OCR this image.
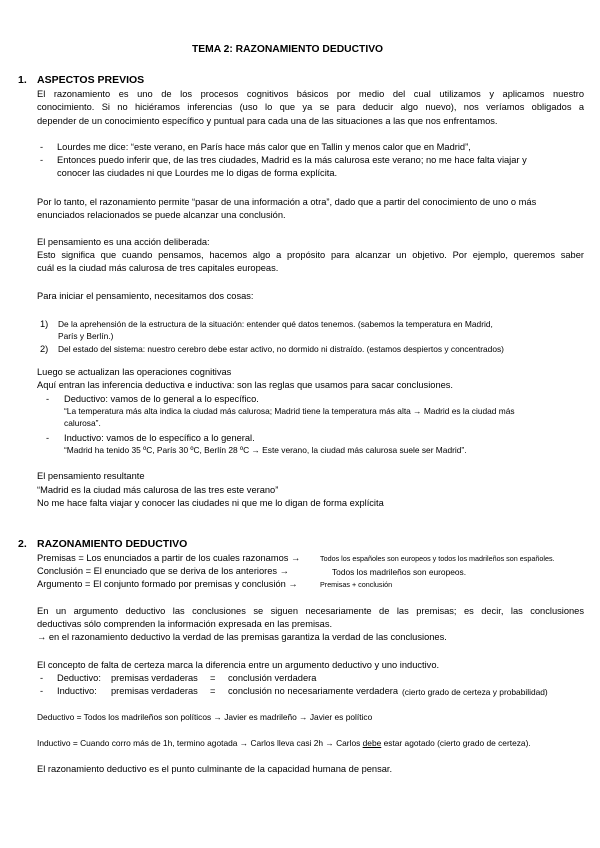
TEMA 2: RAZONAMIENTO DEDUCTIVO
1. ASPECTOS PREVIOS
El razonamiento es uno de los procesos cognitivos básicos por medio del cual utilizamos y aplicamos nuestro
conocimiento. Si no hiciéramos inferencias (uso lo que ya se para deducir algo nuevo), nos veríamos obligados a
depender de un conocimiento específico y puntual para cada una de las situaciones a las que nos enfrentamos.
- Lourdes me dice: “este verano, en París hace más calor que en Tallin y menos calor que en Madrid”,
- Entonces puedo inferir que, de las tres ciudades, Madrid es la más calurosa este verano; no me hace falta viajar y
conocer las ciudades ni que Lourdes me lo digas de forma explícita.
Por lo tanto, el razonamiento permite “pasar de una información a otra”, dado que a partir del conocimiento de uno o más
enunciados relacionados se puede alcanzar una conclusión.
El pensamiento es una acción deliberada:
Esto significa que cuando pensamos, hacemos algo a propósito para alcanzar un objetivo. Por ejemplo, queremos saber
cuál es la ciudad más calurosa de tres capitales europeas.
Para iniciar el pensamiento, necesitamos dos cosas:
1) De la aprehensión de la estructura de la situación: entender qué datos tenemos. (sabemos la temperatura en Madrid,
París y Berlín.)
2) Del estado del sistema: nuestro cerebro debe estar activo, no dormido ni distraído. (estamos despiertos y concentrados)
Luego se actualizan las operaciones cognitivas
Aquí entran las inferencia deductiva e inductiva: son las reglas que usamos para sacar conclusiones.
- Deductivo: vamos de lo general a lo específico.
“La temperatura más alta indica la ciudad más calurosa; Madrid tiene la temperatura más alta → Madrid es la ciudad más
calurosa”.
- Inductivo: vamos de lo específico a lo general.
“Madrid ha tenido 35 ºC, París 30 ºC, Berlín 28 ºC → Este verano, la ciudad más calurosa suele ser Madrid”.
El pensamiento resultante
“Madrid es la ciudad más calurosa de las tres este verano”
No me hace falta viajar y conocer las ciudades ni que me lo digan de forma explícita
2. RAZONAMIENTO DEDUCTIVO
Premisas = Los enunciados a partir de los cuales razonamos →	Todos los españoles son europeos y todos los madrileños son españoles.
Conclusión = El enunciado que se deriva de los anteriores →	Todos los madrileños son europeos.
Argumento = El conjunto formado por premisas y conclusión →	Premisas + conclusión
En un argumento deductivo las conclusiones se siguen necesariamente de las premisas; es decir, las conclusiones
deductivas sólo comprenden la información expresada en las premisas.
→ en el razonamiento deductivo la verdad de las premisas garantiza la verdad de las conclusiones.
El concepto de falta de certeza marca la diferencia entre un argumento deductivo y uno inductivo.
- Deductivo: premisas verdaderas = conclusión verdadera
- Inductivo: premisas verdaderas = conclusión no necesariamente verdadera (cierto grado de certeza y probabilidad)
Deductivo = Todos los madrileños son políticos → Javier es madrileño → Javier es político
Inductivo = Cuando corro más de 1h, termino agotada → Carlos lleva casi 2h → Carlos debe estar agotado (cierto grado de certeza).
El razonamiento deductivo es el punto culminante de la capacidad humana de pensar.
